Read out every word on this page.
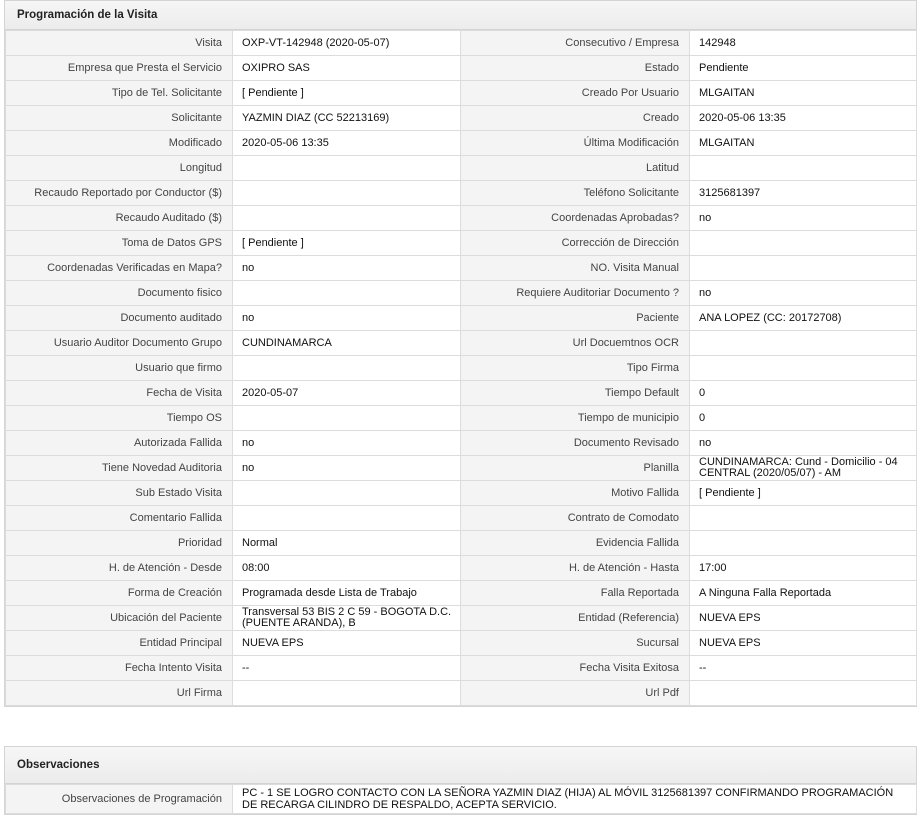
Programación de la Visita
Visita	OXP-VT-142948 (2020-05-07)	Consecutivo / Empresa	142948
Empresa que Presta el Servicio	OXIPRO SAS	Estado	Pendiente
Tipo de Tel. Solicitante	[ Pendiente ]	Creado Por Usuario	MLGAITAN
Solicitante	YAZMIN DIAZ (CC 52213169)	Creado	2020-05-06 13:35
Modificado	2020-05-06 13:35	Última Modificación	MLGAITAN
Longitud		Latitud	
Recaudo Reportado por Conductor ($)		Teléfono Solicitante	3125681397
Recaudo Auditado ($)		Coordenadas Aprobadas?	no
Toma de Datos GPS	[ Pendiente ]	Corrección de Dirección	
Coordenadas Verificadas en Mapa?	no	NO. Visita Manual	
Documento fisico		Requiere Auditoriar Documento ?	no
Documento auditado	no	Paciente	ANA LOPEZ (CC: 20172708)
Usuario Auditor Documento Grupo	CUNDINAMARCA	Url Docuemtnos OCR	
Usuario que firmo		Tipo Firma	
Fecha de Visita	2020-05-07	Tiempo Default	0
Tiempo OS		Tiempo de municipio	0
Autorizada Fallida	no	Documento Revisado	no
Tiene Novedad Auditoria	no	Planilla	CUNDINAMARCA: Cund - Domicilio - 04 CENTRAL (2020/05/07) - AM
Sub Estado Visita		Motivo Fallida	[ Pendiente ]
Comentario Fallida		Contrato de Comodato	
Prioridad	Normal	Evidencia Fallida	
H. de Atención - Desde	08:00	H. de Atención - Hasta	17:00
Forma de Creación	Programada desde Lista de Trabajo	Falla Reportada	A Ninguna Falla Reportada
Ubicación del Paciente	Transversal 53 BIS 2 C 59 - BOGOTA D.C. (PUENTE ARANDA), B	Entidad (Referencia)	NUEVA EPS
Entidad Principal	NUEVA EPS	Sucursal	NUEVA EPS
Fecha Intento Visita	--	Fecha Visita Exitosa	--
Url Firma		Url Pdf	
Observaciones
Observaciones de Programación	PC - 1 SE LOGRO CONTACTO CON LA SEÑORA YAZMIN DIAZ (HIJA) AL MÓVIL 3125681397 CONFIRMANDO PROGRAMACIÓN DE RECARGA CILINDRO DE RESPALDO, ACEPTA SERVICIO.
